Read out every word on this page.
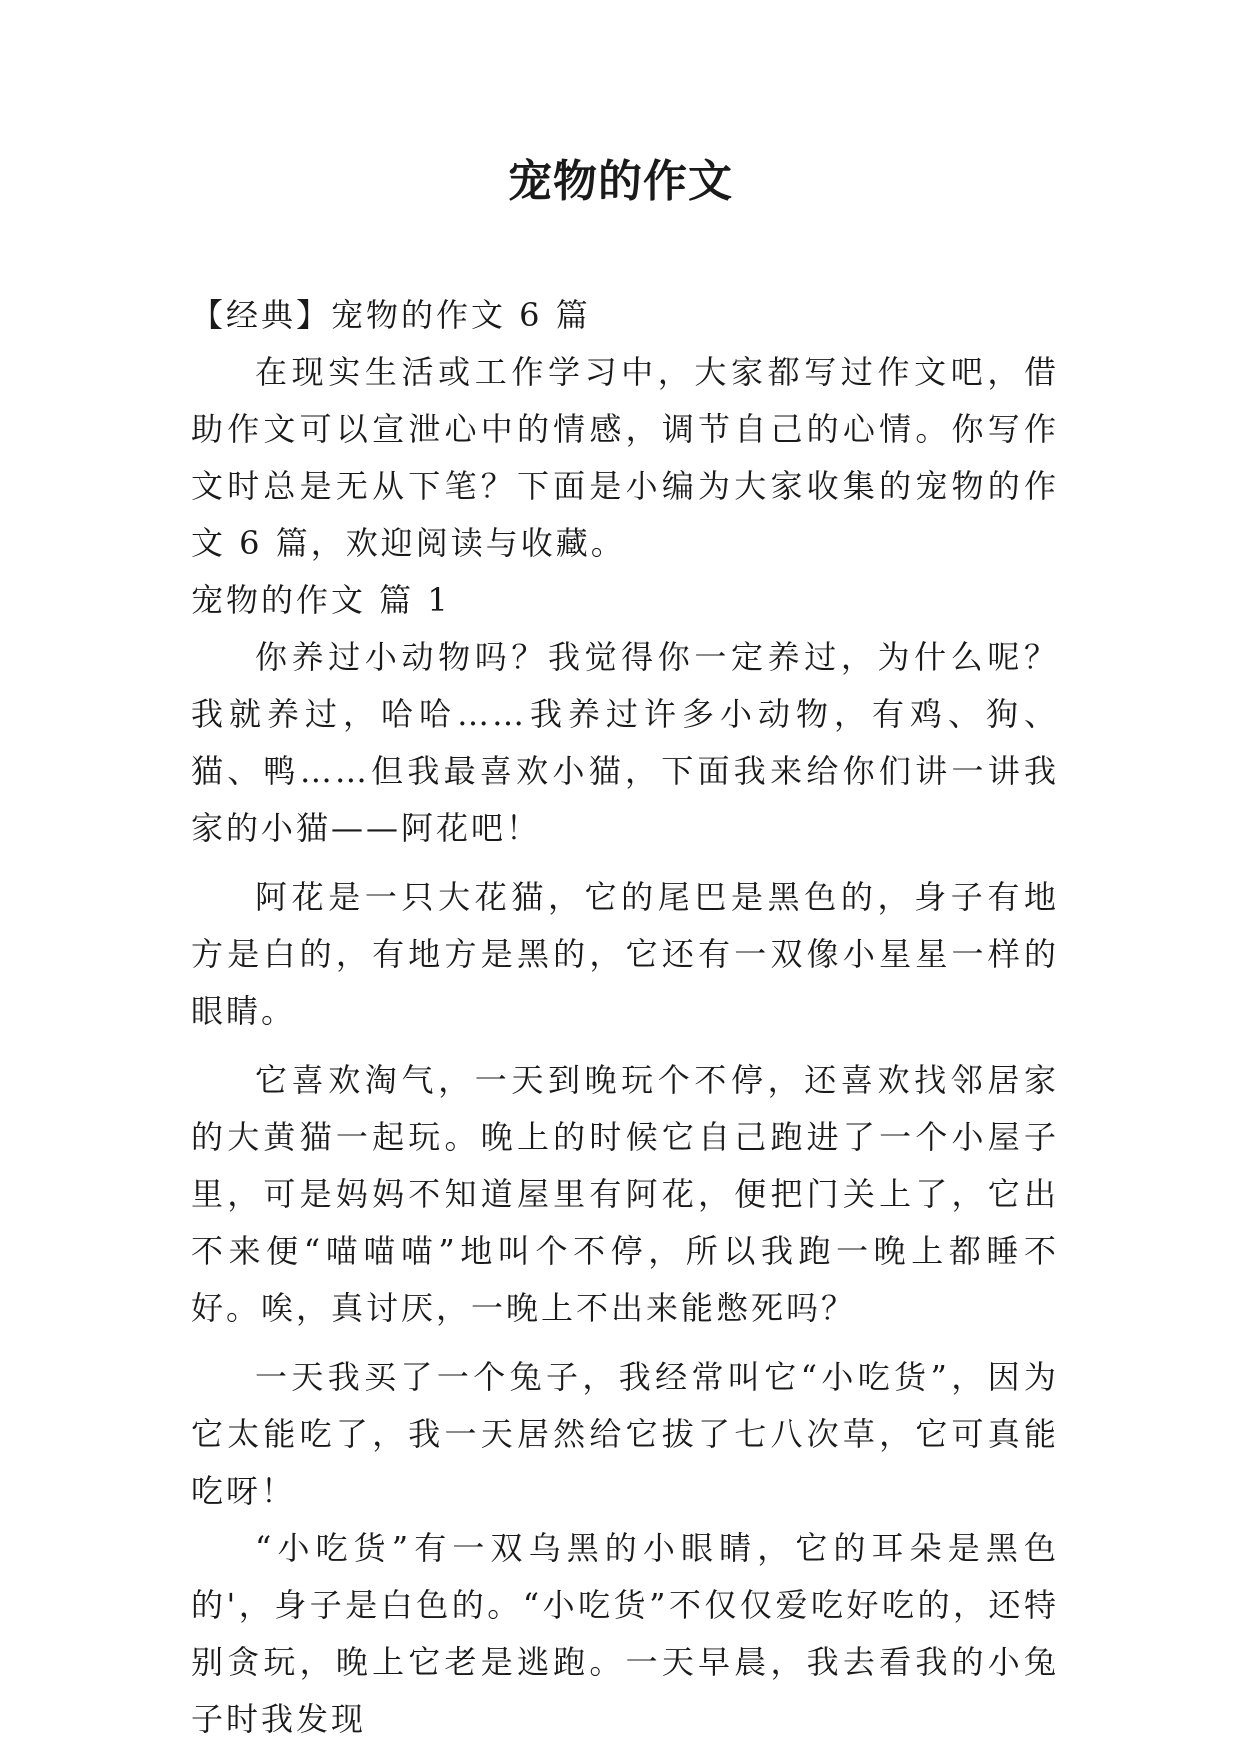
宠物的作文

【经典】宠物的作文 6 篇

在现实生活或工作学习中，大家都写过作文吧，借助作文可以宣泄心中的情感，调节自己的心情。你写作文时总是无从下笔？下面是小编为大家收集的宠物的作文 6 篇，欢迎阅读与收藏。

宠物的作文 篇 1

你养过小动物吗？我觉得你一定养过，为什么呢？我就养过，哈哈……我养过许多小动物，有鸡、狗、猫、鸭……但我最喜欢小猫，下面我来给你们讲一讲我家的小猫——阿花吧！

阿花是一只大花猫，它的尾巴是黑色的，身子有地方是白的，有地方是黑的，它还有一双像小星星一样的眼睛。

它喜欢淘气，一天到晚玩个不停，还喜欢找邻居家的大黄猫一起玩。晚上的时候它自己跑进了一个小屋子里，可是妈妈不知道屋里有阿花，便把门关上了，它出不来便“喵喵喵”地叫个不停，所以我跑一晚上都睡不好。唉，真讨厌，一晚上不出来能憋死吗？

一天我买了一个兔子，我经常叫它“小吃货”，因为它太能吃了，我一天居然给它拔了七八次草，它可真能吃呀！

“小吃货”有一双乌黑的小眼睛，它的耳朵是黑色的'，身子是白色的。“小吃货”不仅仅爱吃好吃的，还特别贪玩，晚上它老是逃跑。一天早晨，我去看我的小兔子时我发现
